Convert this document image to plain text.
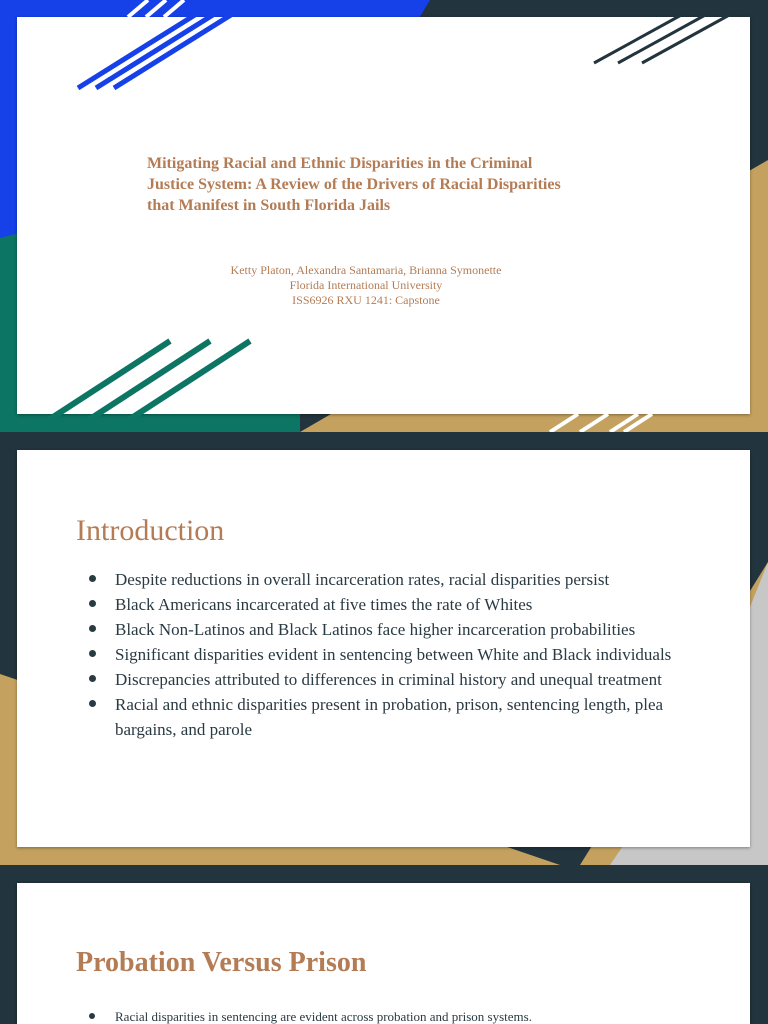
Mitigating Racial and Ethnic Disparities in the Criminal Justice System: A Review of the Drivers of Racial Disparities that Manifest in South Florida Jails
Ketty Platon, Alexandra Santamaria, Brianna Symonette
Florida International University
ISS6926 RXU 1241: Capstone
Introduction
Despite reductions in overall incarceration rates, racial disparities persist
Black Americans incarcerated at five times the rate of Whites
Black Non-Latinos and Black Latinos face higher incarceration probabilities
Significant disparities evident in sentencing between White and Black individuals
Discrepancies attributed to differences in criminal history and unequal treatment
Racial and ethnic disparities present in probation, prison, sentencing length, plea bargains, and parole
Probation Versus Prison
Racial disparities in sentencing are evident across probation and prison systems.
